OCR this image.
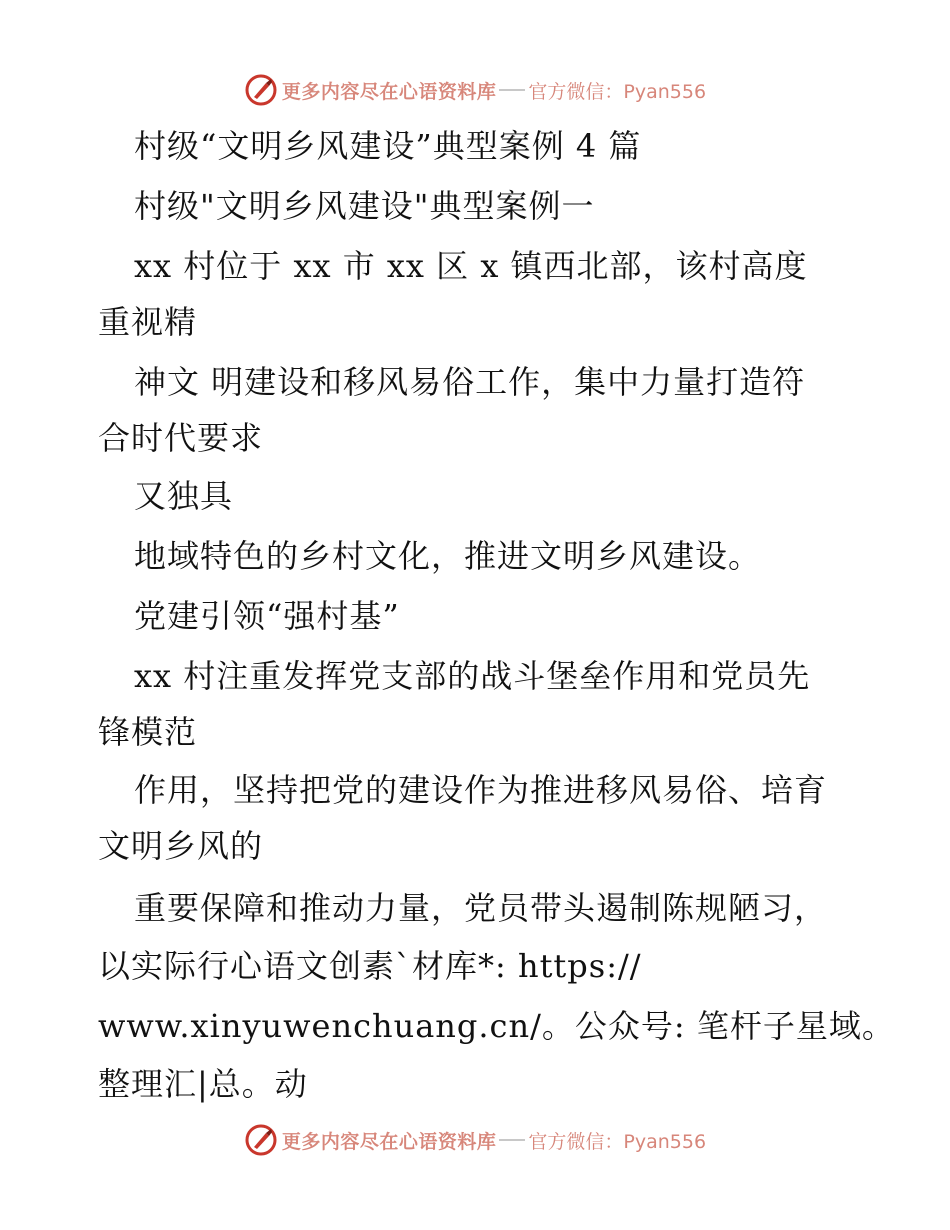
更多内容尽在心语资料库 官方微信：Pyan556
村级“文明乡风建设”典型案例 4 篇
村级"文明乡风建设"典型案例一
xx 村位于 xx 市 xx 区 x 镇西北部，该村高度
重视精
神文 明建设和移风易俗工作，集中力量打造符
合时代要求
又独具
地域特色的乡村文化，推进文明乡风建设。
党建引领“强村基”
xx 村注重发挥党支部的战斗堡垒作用和党员先
锋模范
作用，坚持把党的建设作为推进移风易俗、培育
文明乡风的
重要保障和推动力量，党员带头遏制陈规陋习，
以实际行心语文创素`材库*: https://
www.xinyuwenchuang.cn/。公众号: 笔杆子星域。
整理汇|总。动
更多内容尽在心语资料库 官方微信：Pyan556
